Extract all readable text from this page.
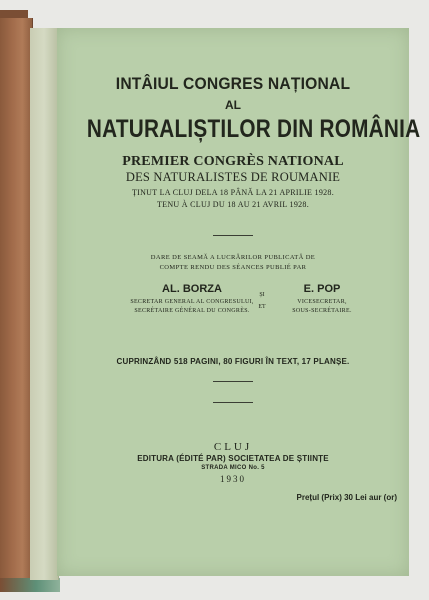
INTÂIUL CONGRES NAȚIONAL
AL
NATURALIȘTILOR DIN ROMÂNIA
PREMIER CONGRÈS NATIONAL
DES NATURALISTES DE ROUMANIE
ȚINUT LA CLUJ DELA 18 PÂNĂ LA 21 APRILIE 1928.
TENU À CLUJ DU 18 AU 21 AVRIL 1928.
DARE DE SEAMĂ A LUCRĂRILOR PUBLICATĂ DE
COMPTE RENDU DES SÉANCES PUBLIÉ PAR
AL. BORZA	E. POP
ȘI
ET
SECRETAR GENERAL AL CONGRESULUI,
SECRÉTAIRE GÉNÉRAL DU CONGRÈS.
VICESECRETAR,
SOUS-SECRÉTAIRE.
CUPRINZÂND 518 PAGINI, 80 FIGURI ÎN TEXT, 17 PLANȘE.
CLUJ
EDITURA (ÉDITÉ PAR) SOCIETATEA DE ȘTIINȚE
STRADA MICO No. 5
1930
Prețul (Prix) 30 Lei aur (or)
